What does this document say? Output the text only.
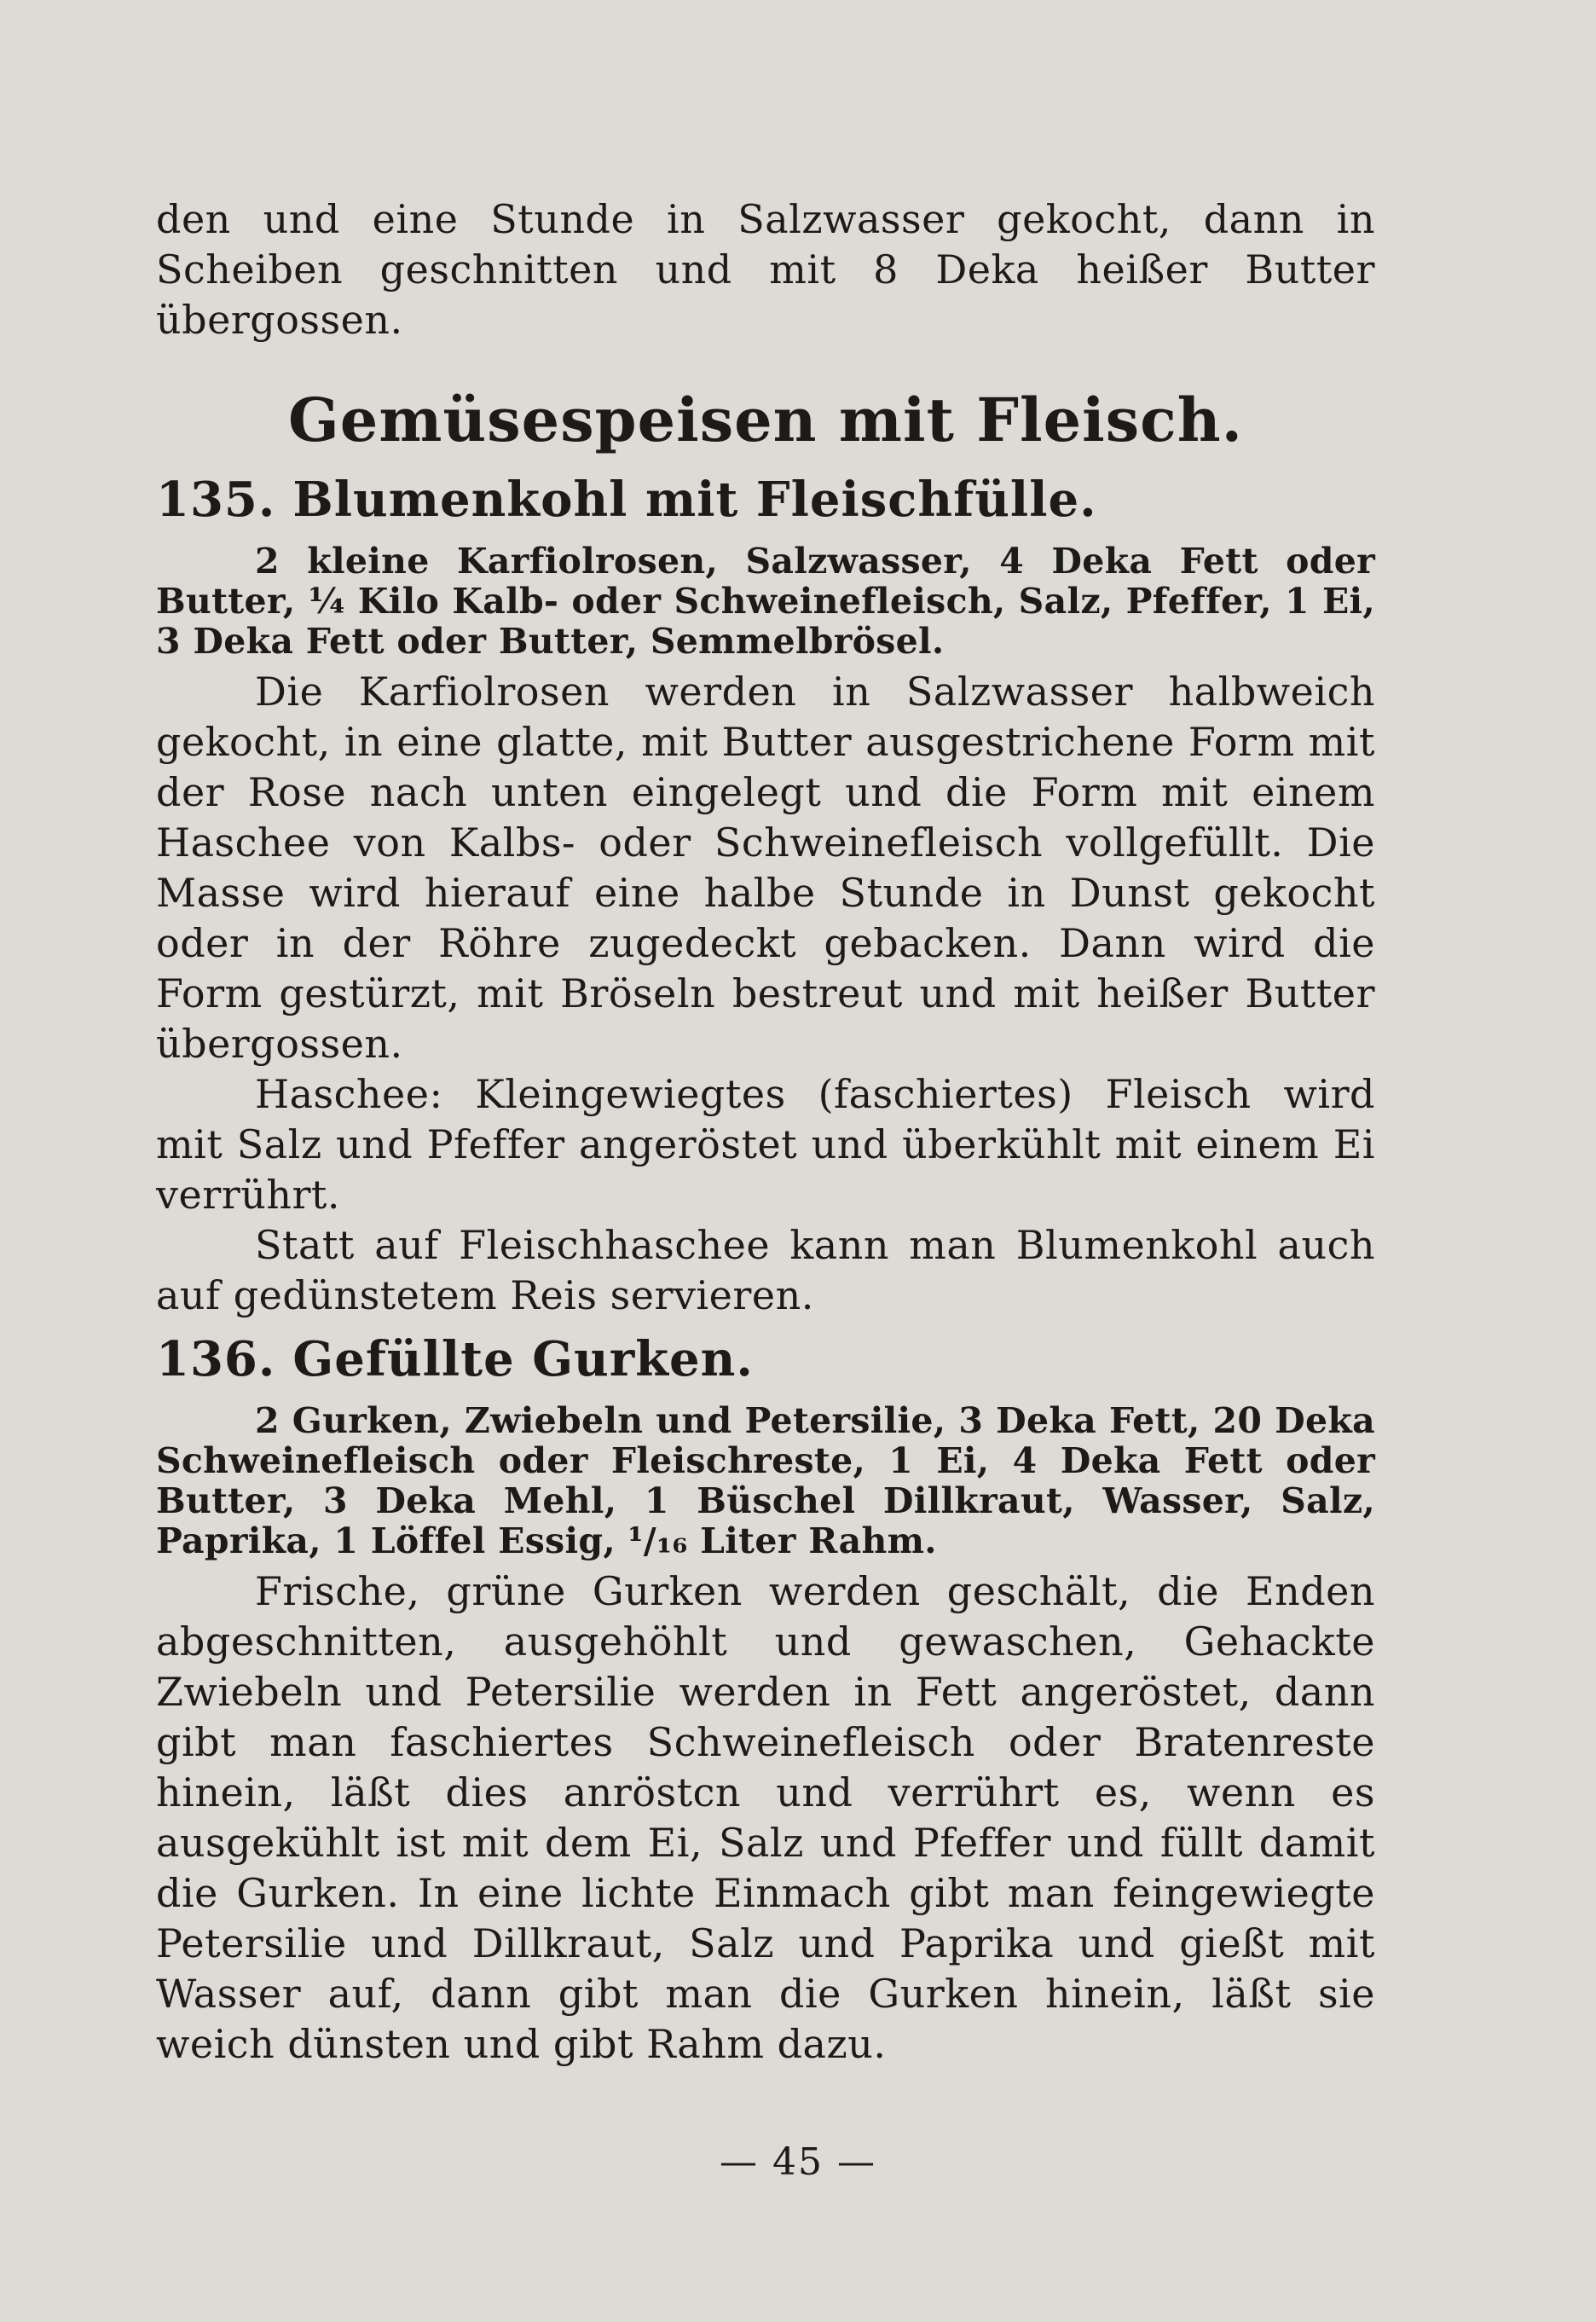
den und eine Stunde in Salzwasser gekocht, dann in Scheiben geschnitten und mit 8 Deka heißer Butter übergossen.

Gemüsespeisen mit Fleisch.
135. Blumenkohl mit Fleischfülle.

2 kleine Karfiolrosen, Salzwasser, 4 Deka Fett oder Butter, ¼ Kilo Kalb- oder Schweinefleisch, Salz, Pfeffer, 1 Ei, 3 Deka Fett oder Butter, Semmelbrösel.

Die Karfiolrosen werden in Salzwasser halbweich gekocht, in eine glatte, mit Butter ausgestrichene Form mit der Rose nach unten eingelegt und die Form mit einem Haschee von Kalbs- oder Schweinefleisch vollgefüllt. Die Masse wird hierauf eine halbe Stunde in Dunst gekocht oder in der Röhre zugedeckt gebacken. Dann wird die Form gestürzt, mit Bröseln bestreut und mit heißer Butter übergossen.

Haschee: Kleingewiegtes (faschiertes) Fleisch wird mit Salz und Pfeffer angeröstet und überkühlt mit einem Ei verrührt.

Statt auf Fleischhaschee kann man Blumenkohl auch auf gedünstetem Reis servieren.

136. Gefüllte Gurken.

2 Gurken, Zwiebeln und Petersilie, 3 Deka Fett, 20 Deka Schweinefleisch oder Fleischreste, 1 Ei, 4 Deka Fett oder Butter, 3 Deka Mehl, 1 Büschel Dillkraut, Wasser, Salz, Paprika, 1 Löffel Essig, ¹/₁₆ Liter Rahm.

Frische, grüne Gurken werden geschält, die Enden abgeschnitten, ausgehöhlt und gewaschen, Gehackte Zwiebeln und Petersilie werden in Fett angeröstet, dann gibt man faschiertes Schweinefleisch oder Bratenreste hinein, läßt dies anröstcn und verrührt es, wenn es ausgekühlt ist mit dem Ei, Salz und Pfeffer und füllt damit die Gurken. In eine lichte Einmach gibt man feingewiegte Petersilie und Dillkraut, Salz und Paprika und gießt mit Wasser auf, dann gibt man die Gurken hinein, läßt sie weich dünsten und gibt Rahm dazu.

— 45 —
